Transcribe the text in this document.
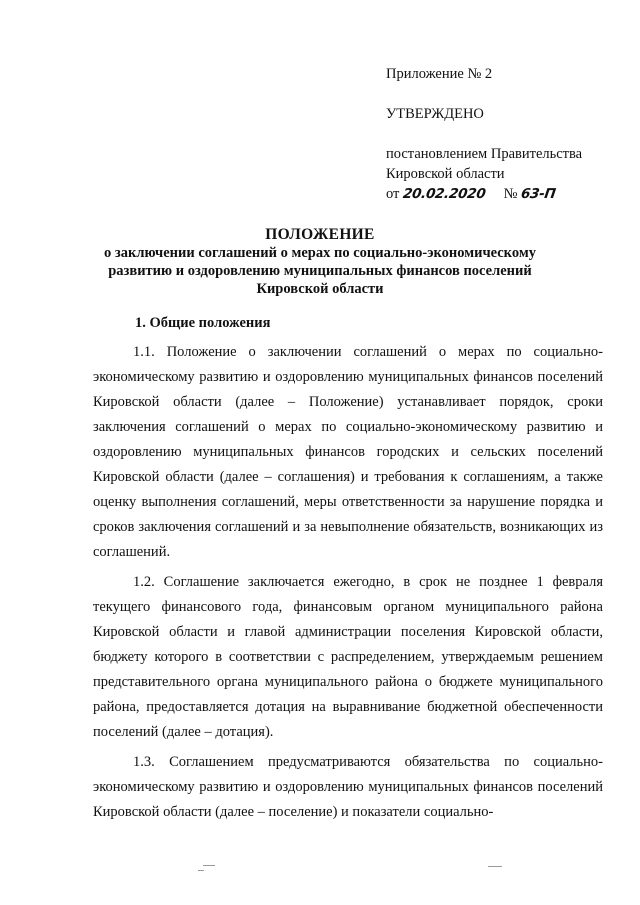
Приложение № 2
УТВЕРЖДЕНО
постановлением Правительства
Кировской области
от 20.02.2020 № 63-П
ПОЛОЖЕНИЕ
о заключении соглашений о мерах по социально-экономическому
развитию и оздоровлению муниципальных финансов поселений
Кировской области
1. Общие положения

1.1. Положение о заключении соглашений о мерах по социально-экономическому развитию и оздоровлению муниципальных финансов поселений Кировской области (далее – Положение) устанавливает порядок, сроки заключения соглашений о мерах по социально-экономическому развитию и оздоровлению муниципальных финансов городских и сельских поселений Кировской области (далее – соглашения) и требования к соглашениям, а также оценку выполнения соглашений, меры ответственности за нарушение порядка и сроков заключения соглашений и за невыполнение обязательств, возникающих из соглашений.

1.2. Соглашение заключается ежегодно, в срок не позднее 1 февраля текущего финансового года, финансовым органом муниципального района Кировской области и главой администрации поселения Кировской области, бюджету которого в соответствии с распределением, утверждаемым решением представительного органа муниципального района о бюджете муниципального района, предоставляется дотация на выравнивание бюджетной обеспеченности поселений (далее – дотация).

1.3. Соглашением предусматриваются обязательства по социально-экономическому развитию и оздоровлению муниципальных финансов поселений Кировской области (далее – поселение) и показатели социально-
